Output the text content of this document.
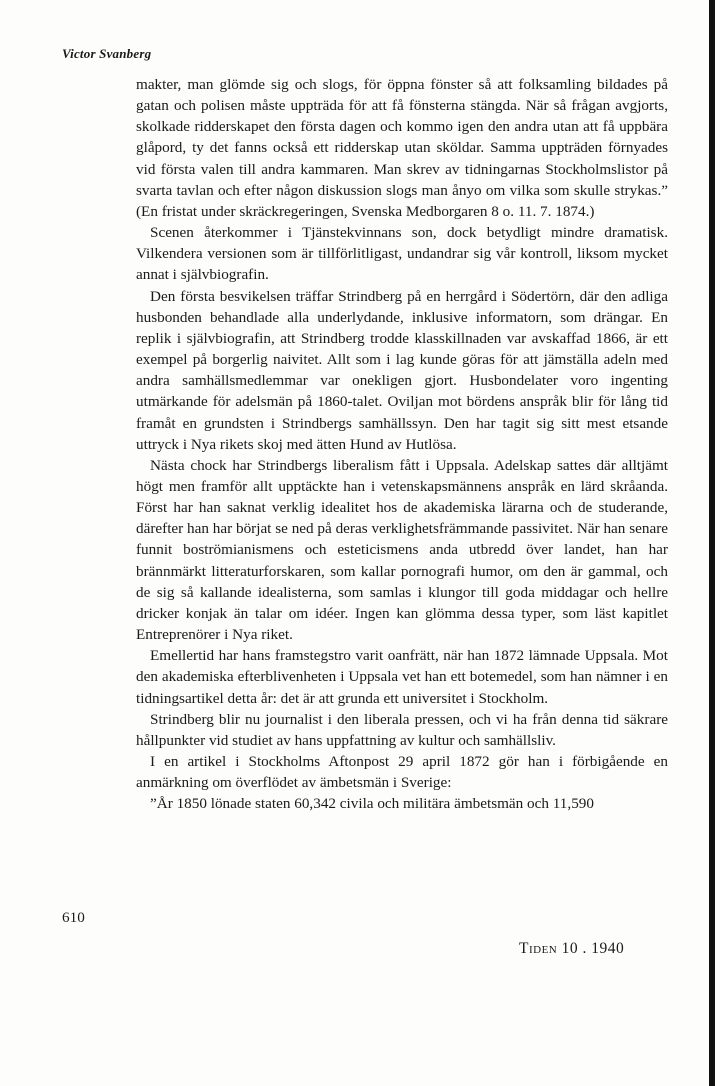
Victor Svanberg

makter, man glömde sig och slogs, för öppna fönster så att folksamling bildades på gatan och polisen måste uppträda för att få fönsterna stängda. När så frågan avgjorts, skolkade ridderskapet den första dagen och kommo igen den andra utan att få uppbära glåpord, ty det fanns också ett ridderskap utan sköldar. Samma uppträden förnyades vid första valen till andra kammaren. Man skrev av tidningarnas Stockholmslistor på svarta tavlan och efter någon diskussion slogs man ånyo om vilka som skulle strykas.” (En fristat under skräckregeringen, Svenska Medborgaren 8 o. 11. 7. 1874.)

Scenen återkommer i Tjänstekvinnans son, dock betydligt mindre dramatisk. Vilkendera versionen som är tillförlitligast, undandrar sig vår kontroll, liksom mycket annat i självbiografin.

Den första besvikelsen träffar Strindberg på en herrgård i Södertörn, där den adliga husbonden behandlade alla underlydande, inklusive informatorn, som drängar. En replik i självbiografin, att Strindberg trodde klasskillnaden var avskaffad 1866, är ett exempel på borgerlig naivitet. Allt som i lag kunde göras för att jämställa adeln med andra samhällsmedlemmar var onekligen gjort. Husbondelater voro ingenting utmärkande för adelsmän på 1860-talet. Oviljan mot bördens anspråk blir för lång tid framåt en grundsten i Strindbergs samhällssyn. Den har tagit sig sitt mest etsande uttryck i Nya rikets skoj med ätten Hund av Hutlösa.

Nästa chock har Strindbergs liberalism fått i Uppsala. Adelskap sattes där alltjämt högt men framför allt upptäckte han i vetenskapsmännens anspråk en lärd skråanda. Först har han saknat verklig idealitet hos de akademiska lärarna och de studerande, därefter han har börjat se ned på deras verklighetsfrämmande passivitet. När han senare funnit boströmianismens och esteticismens anda utbredd över landet, han har brännmärkt litteraturforskaren, som kallar pornografi humor, om den är gammal, och de sig så kallande idealisterna, som samlas i klungor till goda middagar och hellre dricker konjak än talar om idéer. Ingen kan glömma dessa typer, som läst kapitlet Entreprenörer i Nya riket.

Emellertid har hans framstegstro varit oanfrätt, när han 1872 lämnade Uppsala. Mot den akademiska efterblivenheten i Uppsala vet han ett botemedel, som han nämner i en tidningsartikel detta år: det är att grunda ett universitet i Stockholm.

Strindberg blir nu journalist i den liberala pressen, och vi ha från denna tid säkrare hållpunkter vid studiet av hans uppfattning av kultur och samhällsliv.

I en artikel i Stockholms Aftonpost 29 april 1872 gör han i förbigående en anmärkning om överflödet av ämbetsmän i Sverige:

”År 1850 lönade staten 60,342 civila och militära ämbetsmän och 11,590

610
Tiden 10 . 1940
